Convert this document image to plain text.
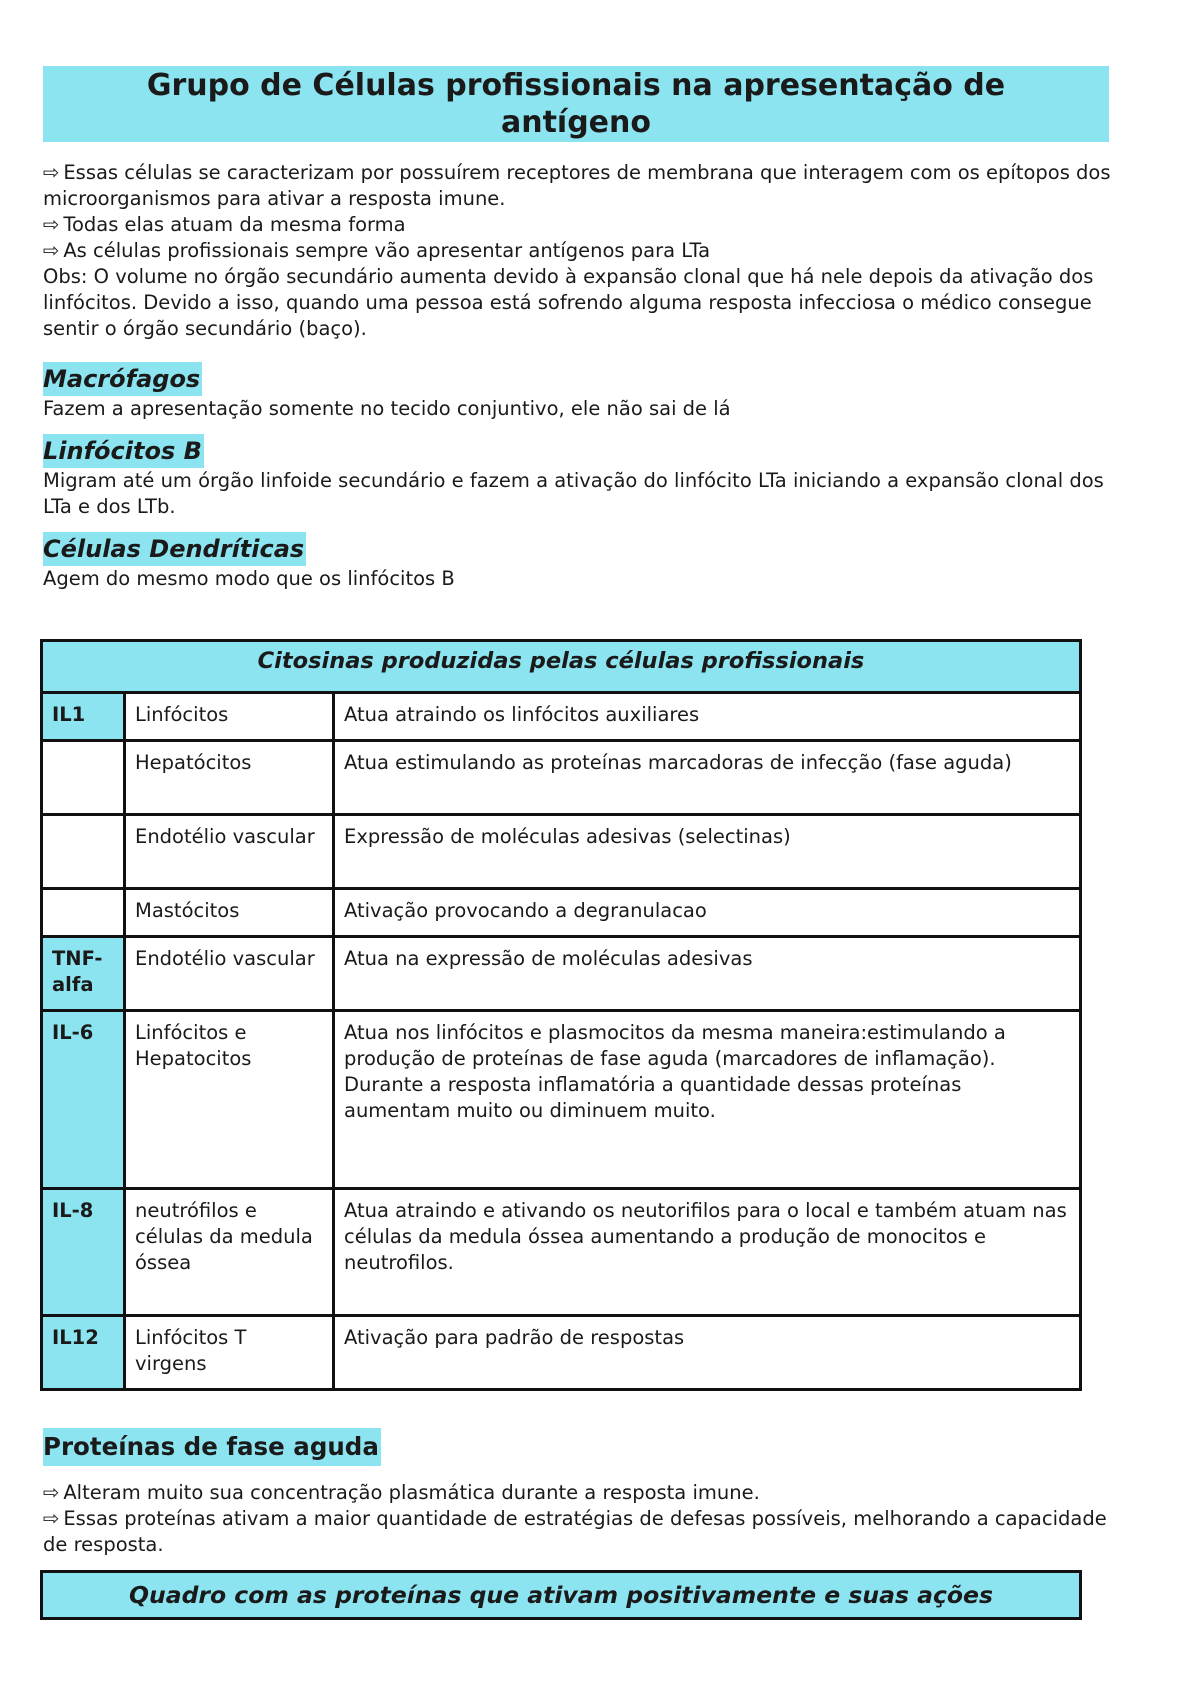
Grupo de Células profissionais na apresentação de
antígeno

⇨ Essas células se caracterizam por possuírem receptores de membrana que interagem com os epítopos dos microorganismos para ativar a resposta imune.

⇨ Todas elas atuam da mesma forma

⇨ As células profissionais sempre vão apresentar antígenos para LTa

Obs: O volume no órgão secundário aumenta devido à expansão clonal que há nele depois da ativação dos linfócitos. Devido a isso, quando uma pessoa está sofrendo alguma resposta infecciosa o médico consegue sentir o órgão secundário (baço).

Macrófagos

Fazem a apresentação somente no tecido conjuntivo, ele não sai de lá

Linfócitos B

Migram até um órgão linfoide secundário e fazem a ativação do linfócito LTa iniciando a expansão clonal dos LTa e dos LTb.

Células Dendríticas

Agem do mesmo modo que os linfócitos B

Citosinas produzidas pelas células profissionais		
IL1	Linfócitos	Atua atraindo os linfócitos auxiliares
	Hepatócitos	Atua estimulando as proteínas marcadoras de infecção (fase aguda)
	Endotélio vascular	Expressão de moléculas adesivas (selectinas)
	Mastócitos	Ativação provocando a degranulacao
TNF-alfa	Endotélio vascular	Atua na expressão de moléculas adesivas
IL-6	Linfócitos e Hepatocitos	Atua nos linfócitos e plasmocitos da mesma maneira:estimulando a produção de proteínas de fase aguda (marcadores de inflamação). Durante a resposta inflamatória a quantidade dessas proteínas aumentam muito ou diminuem muito.
IL-8	neutrófilos e células da medula óssea	Atua atraindo e ativando os neutorifilos para o local e também atuam nas células da medula óssea aumentando a produção de monocitos e neutrofilos.
IL12	Linfócitos T virgens	Ativação para padrão de respostas
Proteínas de fase aguda

⇨ Alteram muito sua concentração plasmática durante a resposta imune.

⇨ Essas proteínas ativam a maior quantidade de estratégias de defesas possíveis, melhorando a capacidade de resposta.

Quadro com as proteínas que ativam positivamente e suas ações
